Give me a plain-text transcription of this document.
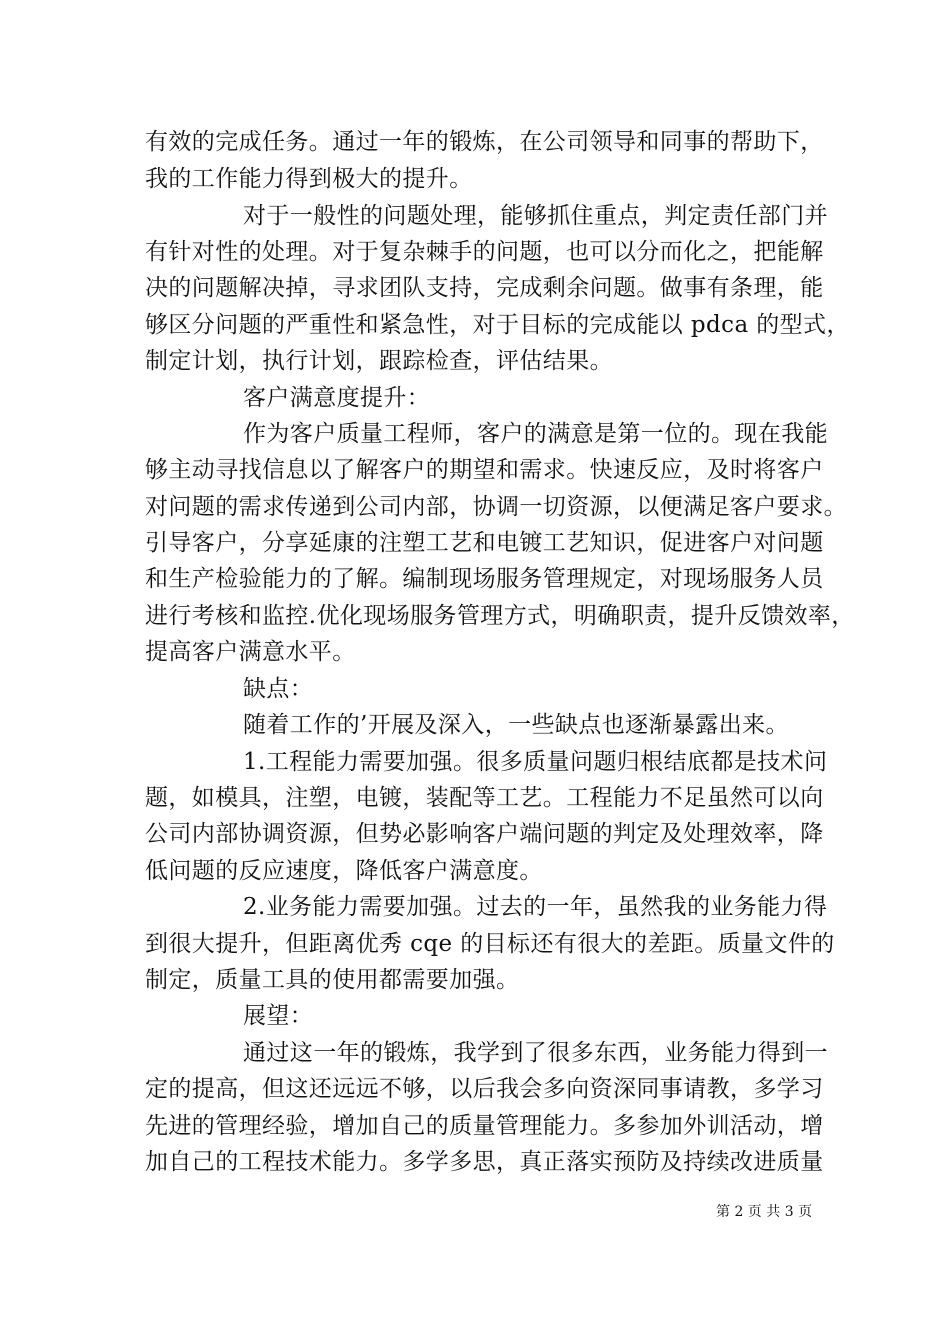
有效的完成任务。通过一年的锻炼，在公司领导和同事的帮助下，
我的工作能力得到极大的提升。
对于一般性的问题处理，能够抓住重点，判定责任部门并
有针对性的处理。对于复杂棘手的问题，也可以分而化之，把能解
决的问题解决掉，寻求团队支持，完成剩余问题。做事有条理，能
够区分问题的严重性和紧急性，对于目标的完成能以 pdca 的型式，
制定计划，执行计划，跟踪检查，评估结果。
客户满意度提升：
作为客户质量工程师，客户的满意是第一位的。现在我能
够主动寻找信息以了解客户的期望和需求。快速反应，及时将客户
对问题的需求传递到公司内部，协调一切资源，以便满足客户要求。
引导客户，分享延康的注塑工艺和电镀工艺知识，促进客户对问题
和生产检验能力的了解。编制现场服务管理规定，对现场服务人员
进行考核和监控.优化现场服务管理方式，明确职责，提升反馈效率，
提高客户满意水平。
缺点：
随着工作的’开展及深入，一些缺点也逐渐暴露出来。
1.工程能力需要加强。很多质量问题归根结底都是技术问
题，如模具，注塑，电镀，装配等工艺。工程能力不足虽然可以向
公司内部协调资源，但势必影响客户端问题的判定及处理效率，降
低问题的反应速度，降低客户满意度。
2.业务能力需要加强。过去的一年，虽然我的业务能力得
到很大提升，但距离优秀 cqe 的目标还有很大的差距。质量文件的
制定，质量工具的使用都需要加强。
展望：
通过这一年的锻炼，我学到了很多东西，业务能力得到一
定的提高，但这还远远不够，以后我会多向资深同事请教，多学习
先进的管理经验，增加自己的质量管理能力。多参加外训活动，增
加自己的工程技术能力。多学多思，真正落实预防及持续改进质量
第 2 页 共 3 页
